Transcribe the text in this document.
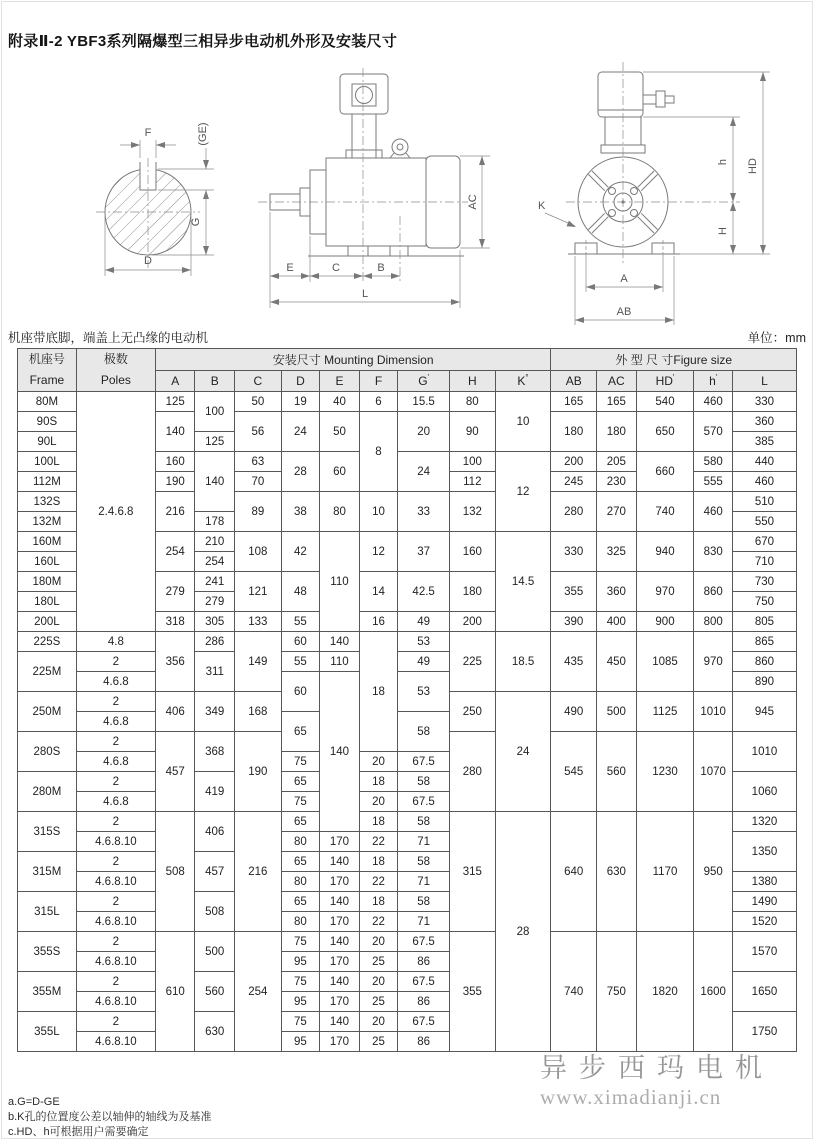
附录Ⅱ-2 YBF3系列隔爆型三相异步电动机外形及安装尺寸
F	(GE)
G
D
E	C	B
L
AC	K
h
H
HD
A
AB
机座带底脚，端盖上无凸缘的电动机	单位：mm
机座号
Frame

极数
Poles
	安装尺寸 Mounting Dimension	外 型 尺 寸Figure size
		A	B	C	D	E	F	G'	H	K°	AB	AC	HD'	h'	L
80M	2.4.6.8	125	100	50	19	40	6	15.5	80	10	165	165	540	460	330
90S		140		56	24	50	8	20	90		180	180	650	570	360
90L			125												385
100L		160	140	63	28	60		24	100	12	200	205	660	580	440
112M		190		70					112		245	230		555	460
132S		216		89	38	80	10	33	132		280	270	740	460	510
132M			178												550
160M		254	210	108	42	110	12	37	160	14.5	330	325	940	830	670
160L			254												710
180M		279	241	121	48		14	42.5	180		355	360	970	860	730
180L			279												750
200L		318	305	133	55		16	49	200		390	400	900	800	805
225S	4.8	356	286	149	60	140	18	53	225	18.5	435	450	1085	970	865
225M	2		311		55	110		49							860
	4.6.8				60	140		53							890
250M	2	406	349	168					250	24	490	500	1125	1010	945
	4.6.8				65			58							
280S	2	457	368	190					280		545	560	1230	1070	1010
	4.6.8				75		20	67.5							
280M	2		419		65		18	58							1060
	4.6.8				75		20	67.5							
315S	2	508	406	216	65		18	58	315	28	640	630	1170	950	1320
	4.6.8.10				80	170	22	71							1350
315M	2		457		65	140	18	58							
	4.6.8.10				80	170	22	71							1380
315L	2		508		65	140	18	58							1490
	4.6.8.10				80	170	22	71							1520
355S	2	610	500	254	75	140	20	67.5	355		740	750	1820	1600	1570
	4.6.8.10				95	170	25	86							
355M	2		560		75	140	20	67.5							1650
	4.6.8.10				95	170	25	86							
355L	2		630		75	140	20	67.5							1750
	4.6.8.10				95	170	25	86							
a.G=D-GE
b.K孔的位置度公差以轴伸的轴线为及基准
c.HD、h可根据用户需要确定
异步西玛电机
www.ximadianji.cn
